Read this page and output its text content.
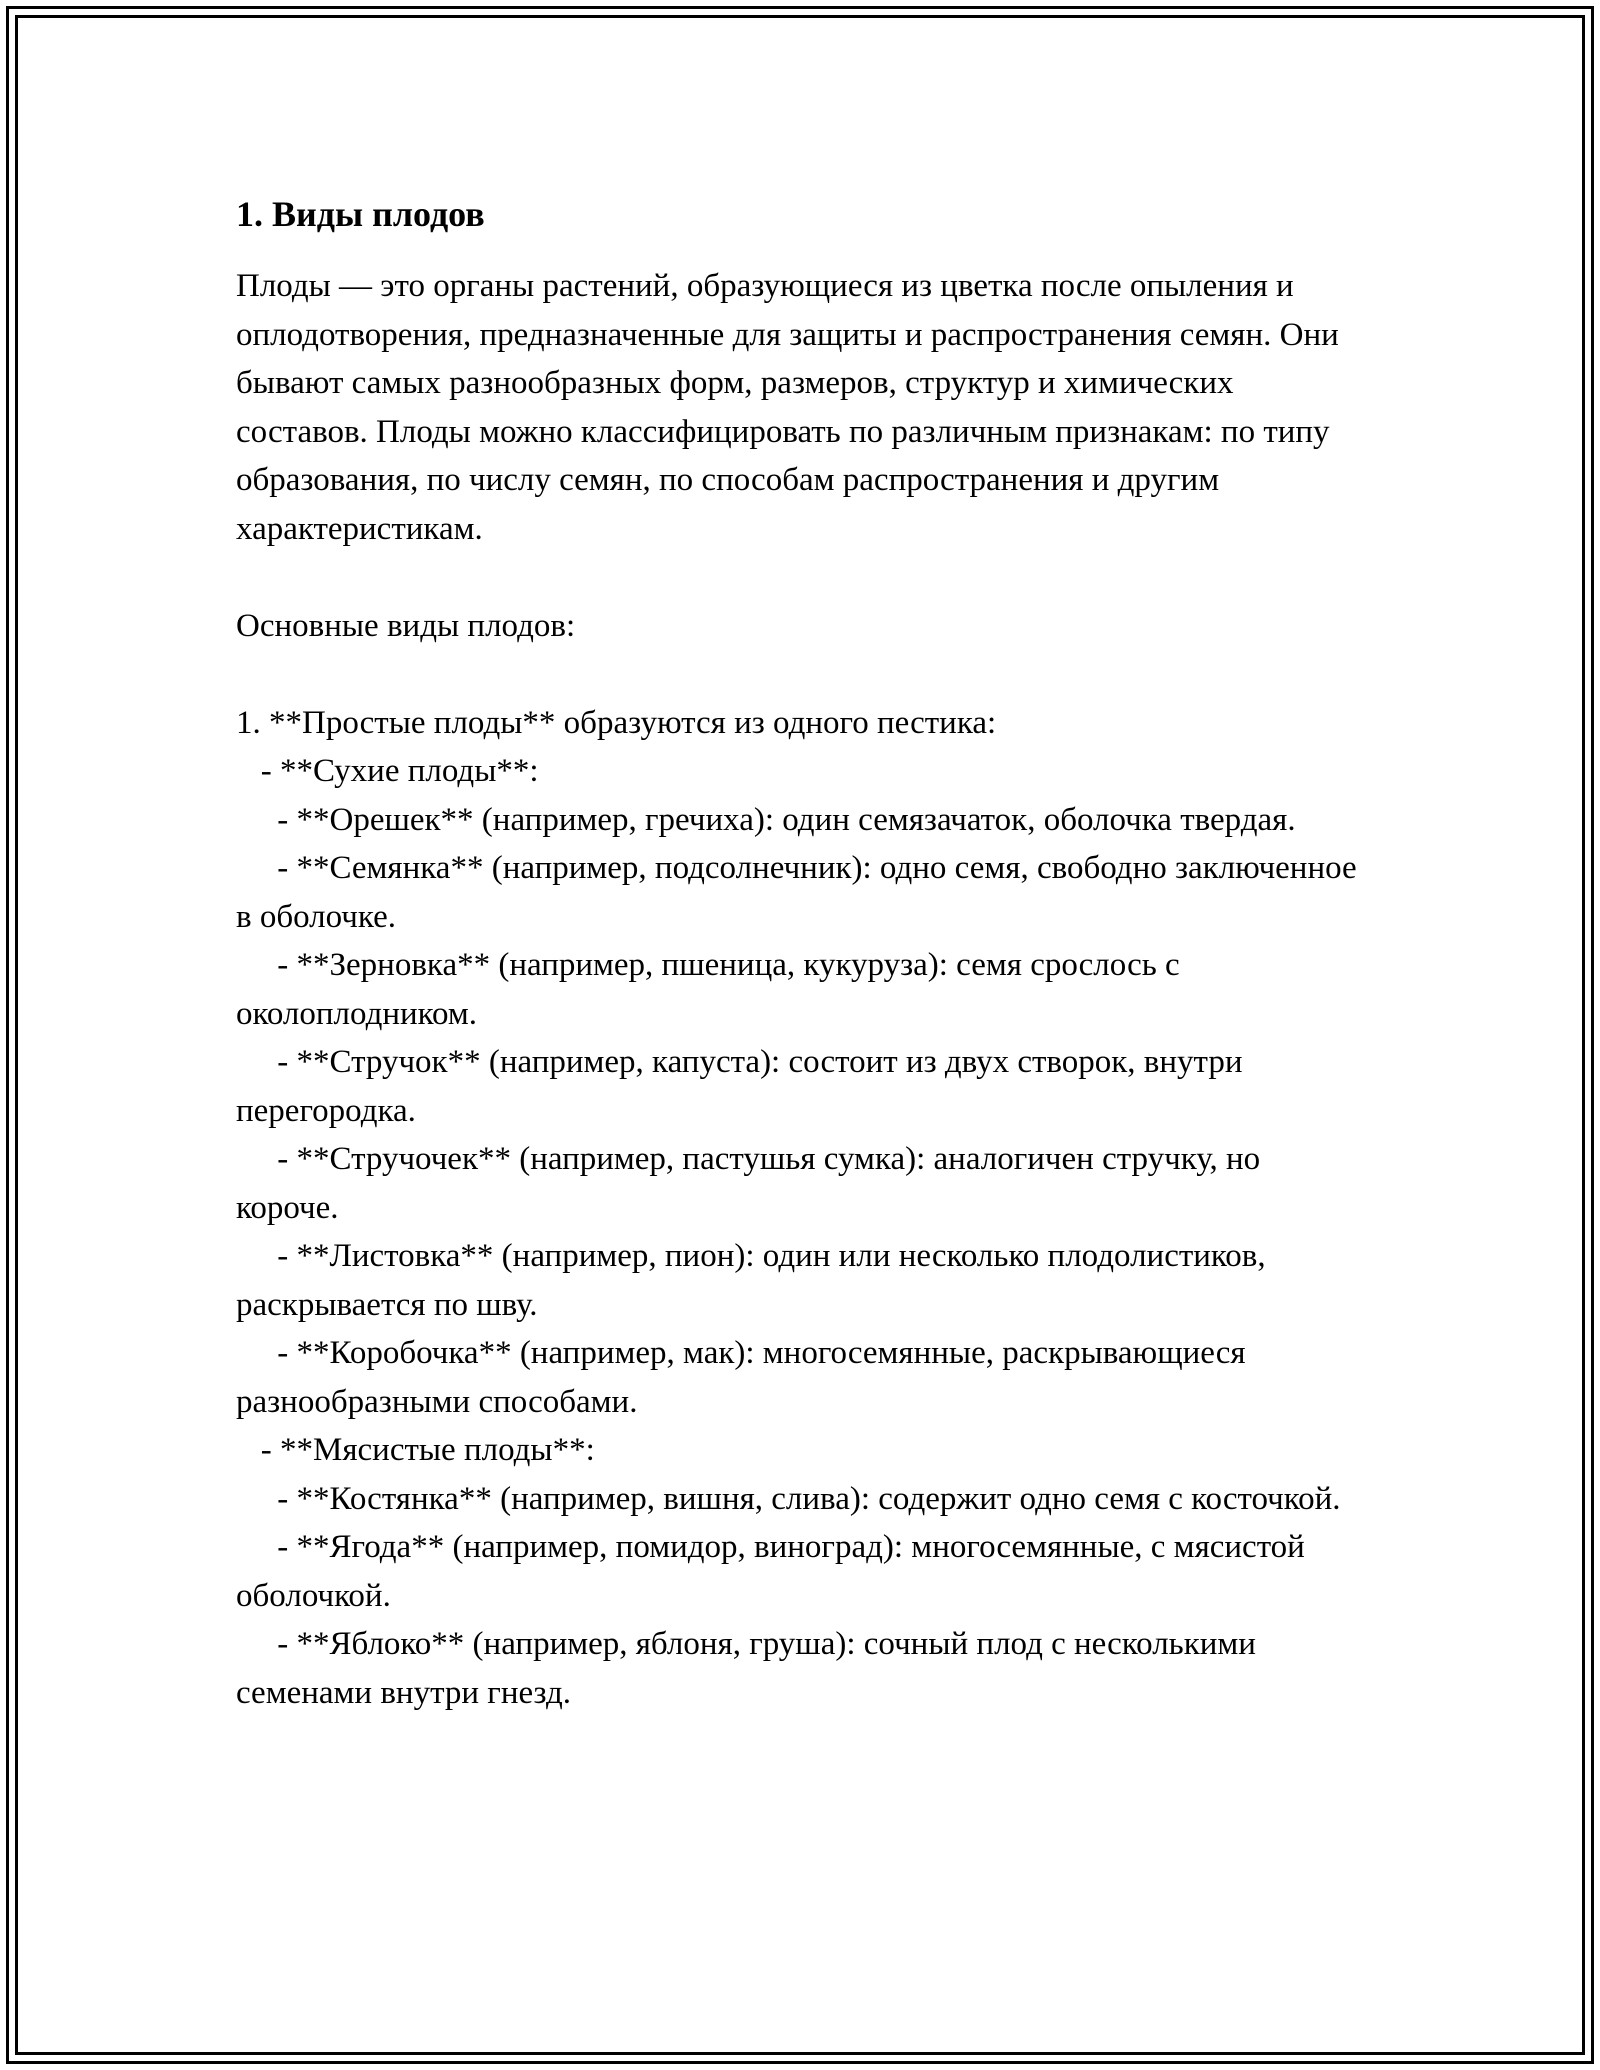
1. Виды плодов

Плоды — это органы растений, образующиеся из цветка после опыления и оплодотворения, предназначенные для защиты и распространения семян. Они бывают самых разнообразных форм, размеров, структур и химических составов. Плоды можно классифицировать по различным признакам: по типу образования, по числу семян, по способам распространения и другим характеристикам.

Основные виды плодов:

1. **Простые плоды** образуются из одного пестика:
- **Сухие плоды**:
- **Орешек** (например, гречиха): один семязачаток, оболочка твердая.
- **Семянка** (например, подсолнечник): одно семя, свободно заключенное в оболочке.
- **Зерновка** (например, пшеница, кукуруза): семя срослось с околоплодником.
- **Стручок** (например, капуста): состоит из двух створок, внутри перегородка.
- **Стручочек** (например, пастушья сумка): аналогичен стручку, но короче.
- **Листовка** (например, пион): один или несколько плодолистиков, раскрывается по шву.
- **Коробочка** (например, мак): многосемянные, раскрывающиеся разнообразными способами.
- **Мясистые плоды**:
- **Костянка** (например, вишня, слива): содержит одно семя с косточкой.
- **Ягода** (например, помидор, виноград): многосемянные, с мясистой оболочкой.
- **Яблоко** (например, яблоня, груша): сочный плод с несколькими семенами внутри гнезд.
